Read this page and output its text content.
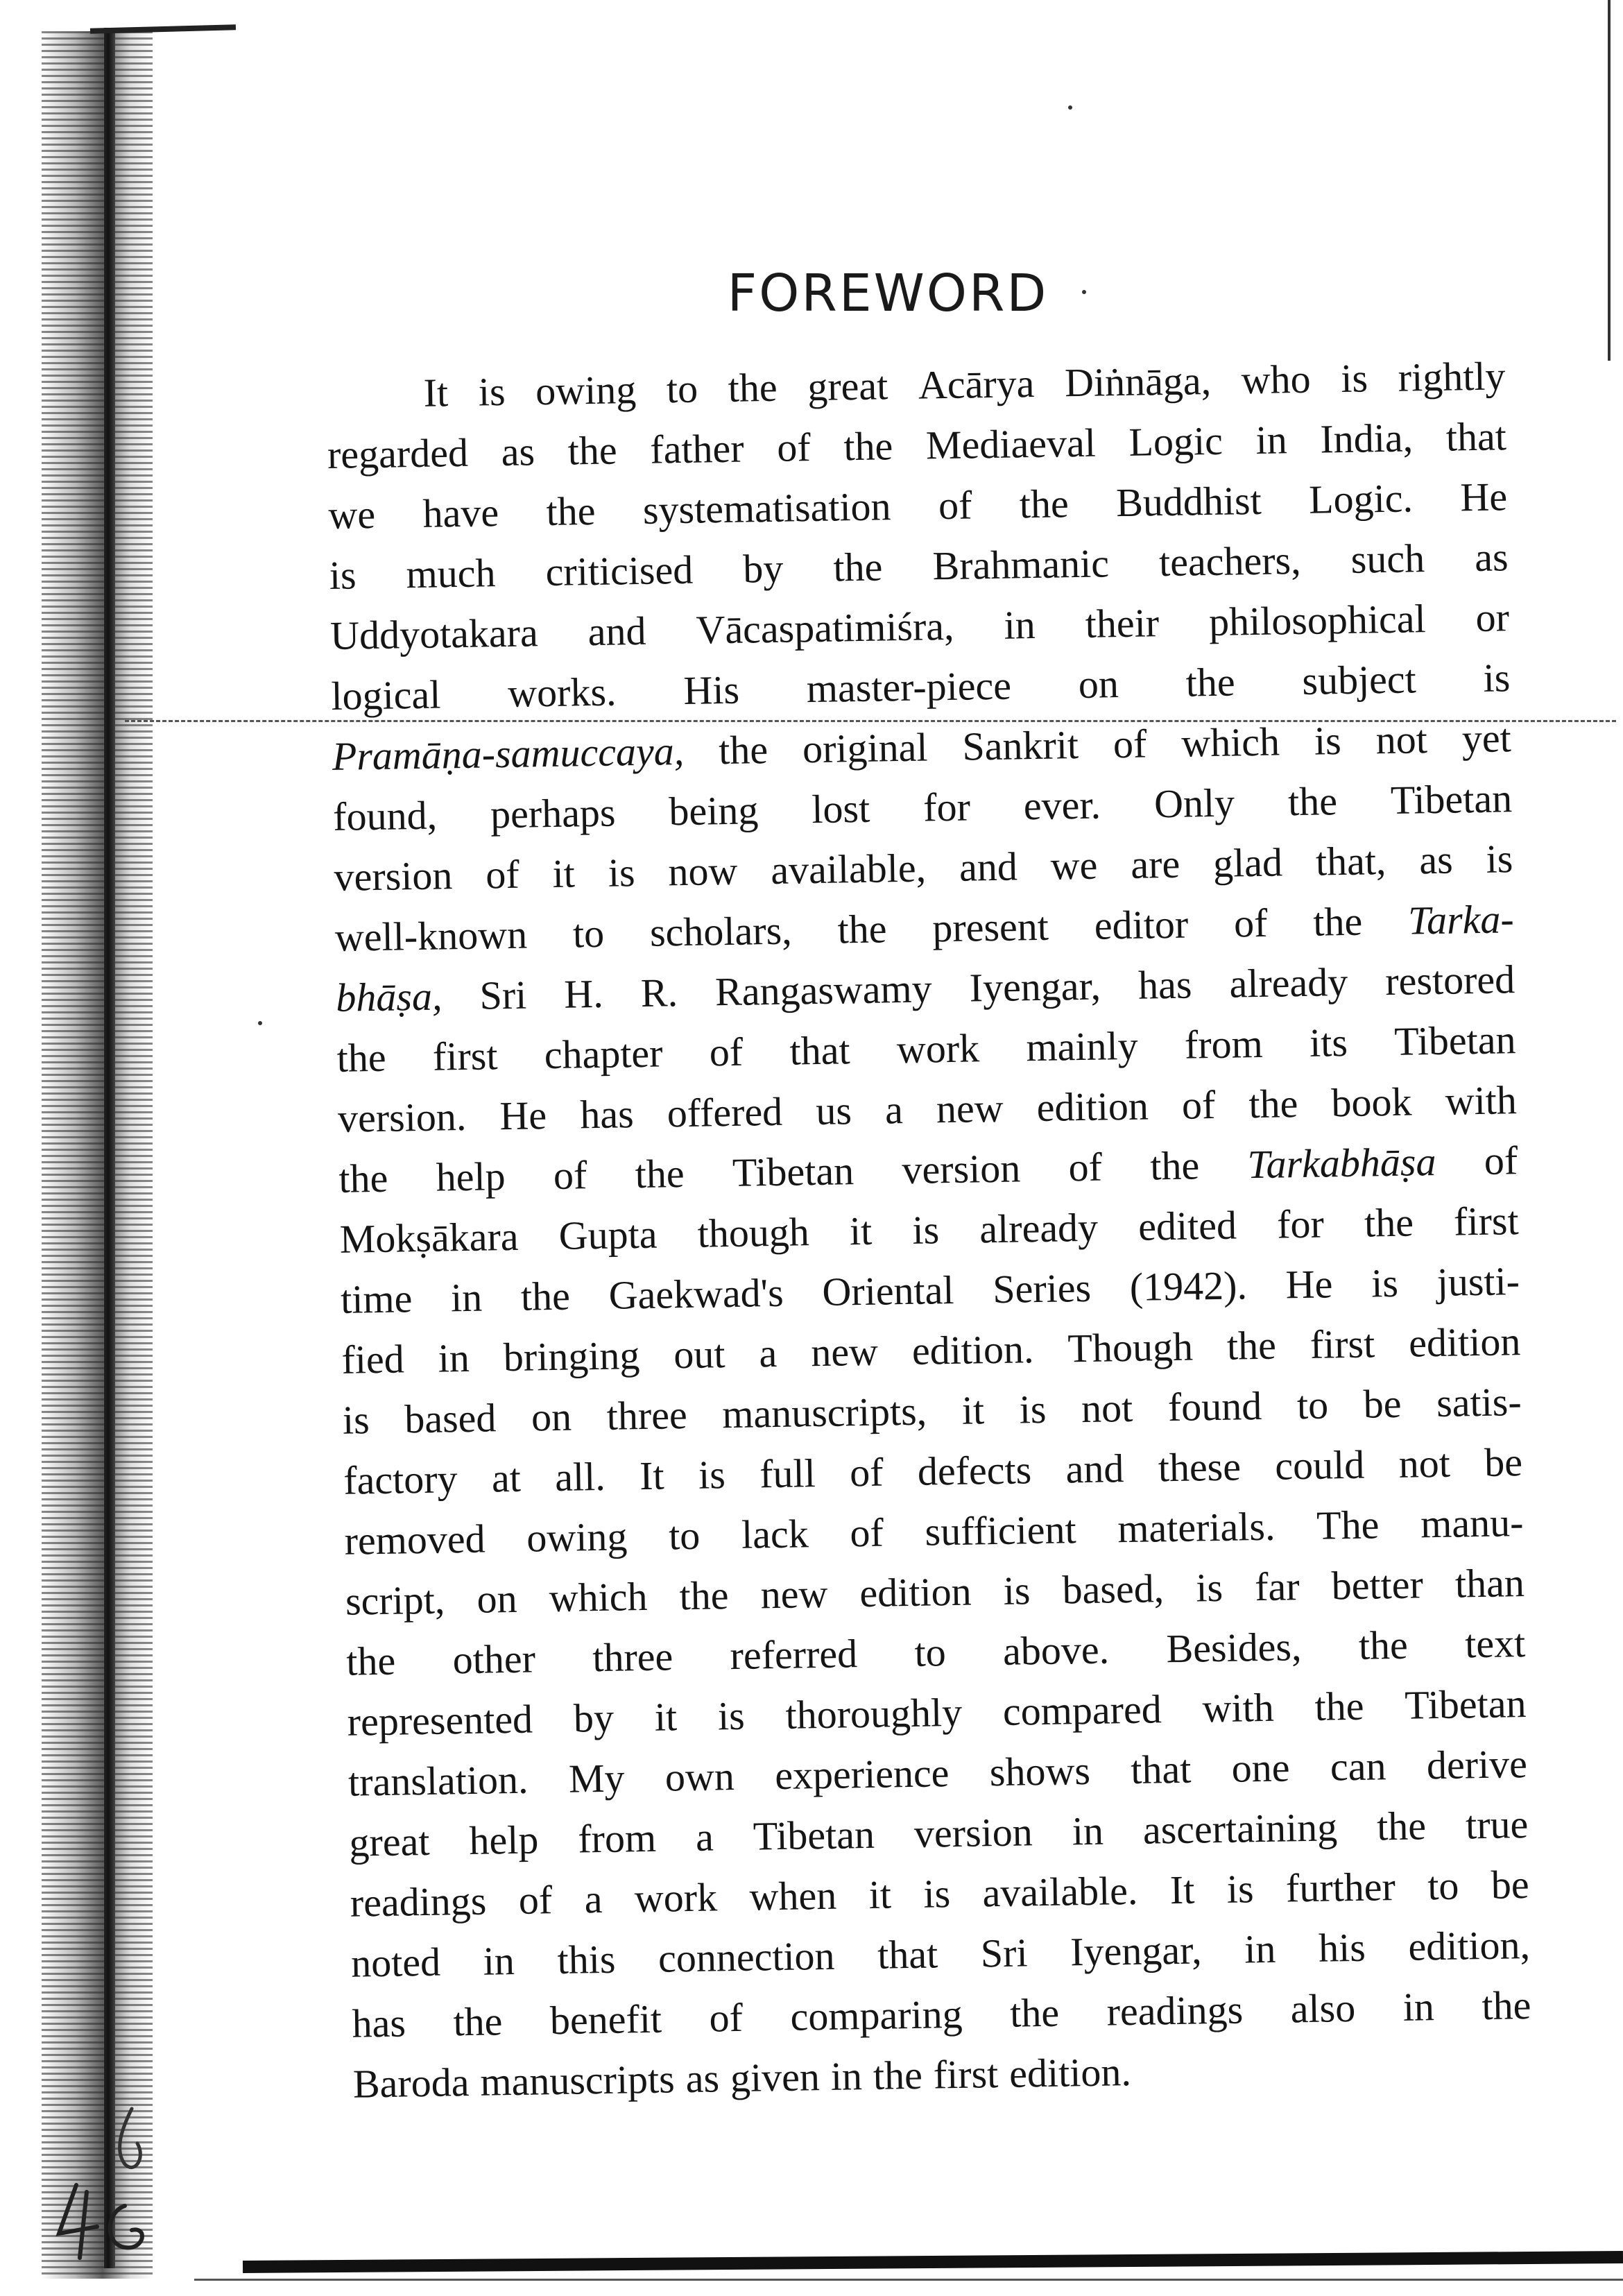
FOREWORD
It is owing to the great Acārya Diṅnāga, who is rightly
regarded as the father of the Mediaeval Logic in India, that
we have the systematisation of the Buddhist Logic. He
is much criticised by the Brahmanic teachers, such as
Uddyotakara and Vācaspatimiśra, in their philosophical or
logical works. His master-piece on the subject is
Pramāṇa-samuccaya, the original Sankrit of which is not yet
found, perhaps being lost for ever. Only the Tibetan
version of it is now available, and we are glad that, as is
well-known to scholars, the present editor of the Tarka-
bhāṣa, Sri H. R. Rangaswamy Iyengar, has already restored
the first chapter of that work mainly from its Tibetan
version. He has offered us a new edition of the book with
the help of the Tibetan version of the Tarkabhāṣa of
Mokṣākara Gupta though it is already edited for the first
time in the Gaekwad's Oriental Series (1942). He is justi-
fied in bringing out a new edition. Though the first edition
is based on three manuscripts, it is not found to be satis-
factory at all. It is full of defects and these could not be
removed owing to lack of sufficient materials. The manu-
script, on which the new edition is based, is far better than
the other three referred to above. Besides, the text
represented by it is thoroughly compared with the Tibetan
translation. My own experience shows that one can derive
great help from a Tibetan version in ascertaining the true
readings of a work when it is available. It is further to be
noted in this connection that Sri Iyengar, in his edition,
has the benefit of comparing the readings also in the
Baroda manuscripts as given in the first edition.
